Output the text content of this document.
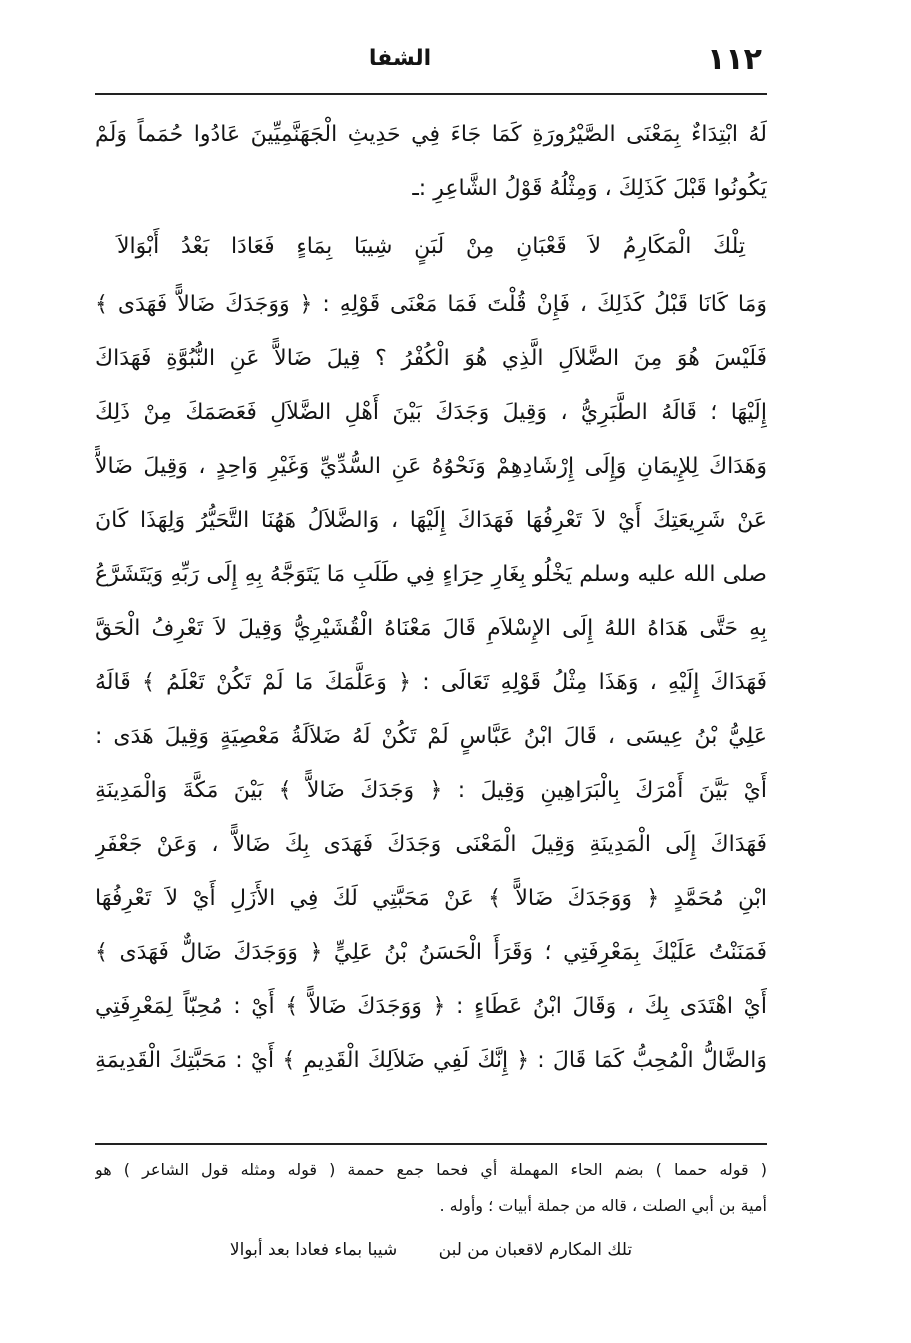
١١٢
الشفا
لَهُ ابْتِدَاءٌ بِمَعْنَى الصَّيْرُورَةِ كَمَا جَاءَ فِي حَدِيثِ الْجَهَنَّمِيِّينَ عَادُوا حُمَماً وَلَمْ
يَكُونُوا قَبْلَ كَذَلِكَ ، وَمِثْلُهُ قَوْلُ الشَّاعِرِ :ـ
تِلْكَ الْمَكَارِمُ لاَ قَعْبَانِ مِنْ لَبَنٍ شِيبَا بِمَاءٍ فَعَادَا بَعْدُ أَبْوَالاَ
وَمَا كَانَا قَبْلُ كَذَلِكَ ، فَإِنْ قُلْتَ فَمَا مَعْنَى قَوْلِهِ : ﴿ وَوَجَدَكَ ضَالاًّ فَهَدَى ﴾
فَلَيْسَ هُوَ مِنَ الضَّلاَلِ الَّذِي هُوَ الْكُفْرُ ؟ قِيلَ ضَالاًّ عَنِ النُّبُوَّةِ فَهَدَاكَ
إِلَيْهَا ؛ قَالَهُ الطَّبَرِيُّ ، وَقِيلَ وَجَدَكَ بَيْنَ أَهْلِ الضَّلاَلِ فَعَصَمَكَ مِنْ ذَلِكَ
وَهَدَاكَ لِلإِيمَانِ وَإِلَى إِرْشَادِهِمْ وَنَحْوُهُ عَنِ السُّدِّيِّ وَغَيْرِ وَاحِدٍ ، وَقِيلَ ضَالاًّ
عَنْ شَرِيعَتِكَ أَيْ لاَ تَعْرِفُهَا فَهَدَاكَ إِلَيْهَا ، وَالضَّلاَلُ هَهُنَا التَّحَيُّرُ وَلِهَذَا كَانَ
صلى الله عليه وسلم يَخْلُو بِغَارِ حِرَاءٍ فِي طَلَبِ مَا يَتَوَجَّهُ بِهِ إِلَى رَبِّهِ وَيَتَشَرَّعُ
بِهِ حَتَّى هَدَاهُ اللهُ إِلَى الإِسْلاَمِ قَالَ مَعْنَاهُ الْقُشَيْرِيُّ وَقِيلَ لاَ تَعْرِفُ الْحَقَّ
فَهَدَاكَ إِلَيْهِ ، وَهَذَا مِثْلُ قَوْلِهِ تَعَالَى : ﴿ وَعَلَّمَكَ مَا لَمْ تَكُنْ تَعْلَمُ ﴾ قَالَهُ
عَلِيُّ بْنُ عِيسَى ، قَالَ ابْنُ عَبَّاسٍ لَمْ تَكُنْ لَهُ ضَلاَلَةُ مَعْصِيَةٍ وَقِيلَ هَدَى :
أَيْ بَيَّنَ أَمْرَكَ بِالْبَرَاهِينِ وَقِيلَ : ﴿ وَجَدَكَ ضَالاًّ ﴾ بَيْنَ مَكَّةَ وَالْمَدِينَةِ
فَهَدَاكَ إِلَى الْمَدِينَةِ وَقِيلَ الْمَعْنَى وَجَدَكَ فَهَدَى بِكَ ضَالاًّ ، وَعَنْ جَعْفَرِ
ابْنِ مُحَمَّدٍ ﴿ وَوَجَدَكَ ضَالاًّ ﴾ عَنْ مَحَبَّتِي لَكَ فِي الأَزَلِ أَيْ لاَ تَعْرِفُهَا
فَمَنَنْتُ عَلَيْكَ بِمَعْرِفَتِي ؛ وَقَرَأَ الْحَسَنُ بْنُ عَلِيٍّ ﴿ وَوَجَدَكَ ضَالٌّ فَهَدَى ﴾
أَيْ اهْتَدَى بِكَ ، وَقَالَ ابْنُ عَطَاءٍ : ﴿ وَوَجَدَكَ ضَالاًّ ﴾ أَيْ : مُحِبّاً لِمَعْرِفَتِي
وَالضَّالُّ الْمُحِبُّ كَمَا قَالَ : ﴿ إِنَّكَ لَفِي ضَلاَلِكَ الْقَدِيمِ ﴾ أَيْ : مَحَبَّتِكَ الْقَدِيمَةِ
( قوله حمما ) بضم الحاء المهملة أي فحما جمع حممة ( قوله ومثله قول الشاعر ) هو
أمية بن أبي الصلت ، قاله من جملة أبيات ؛ وأوله .
تلك المكارم لاقعبان من لبن شيبا بماء فعادا بعد أبوالا
